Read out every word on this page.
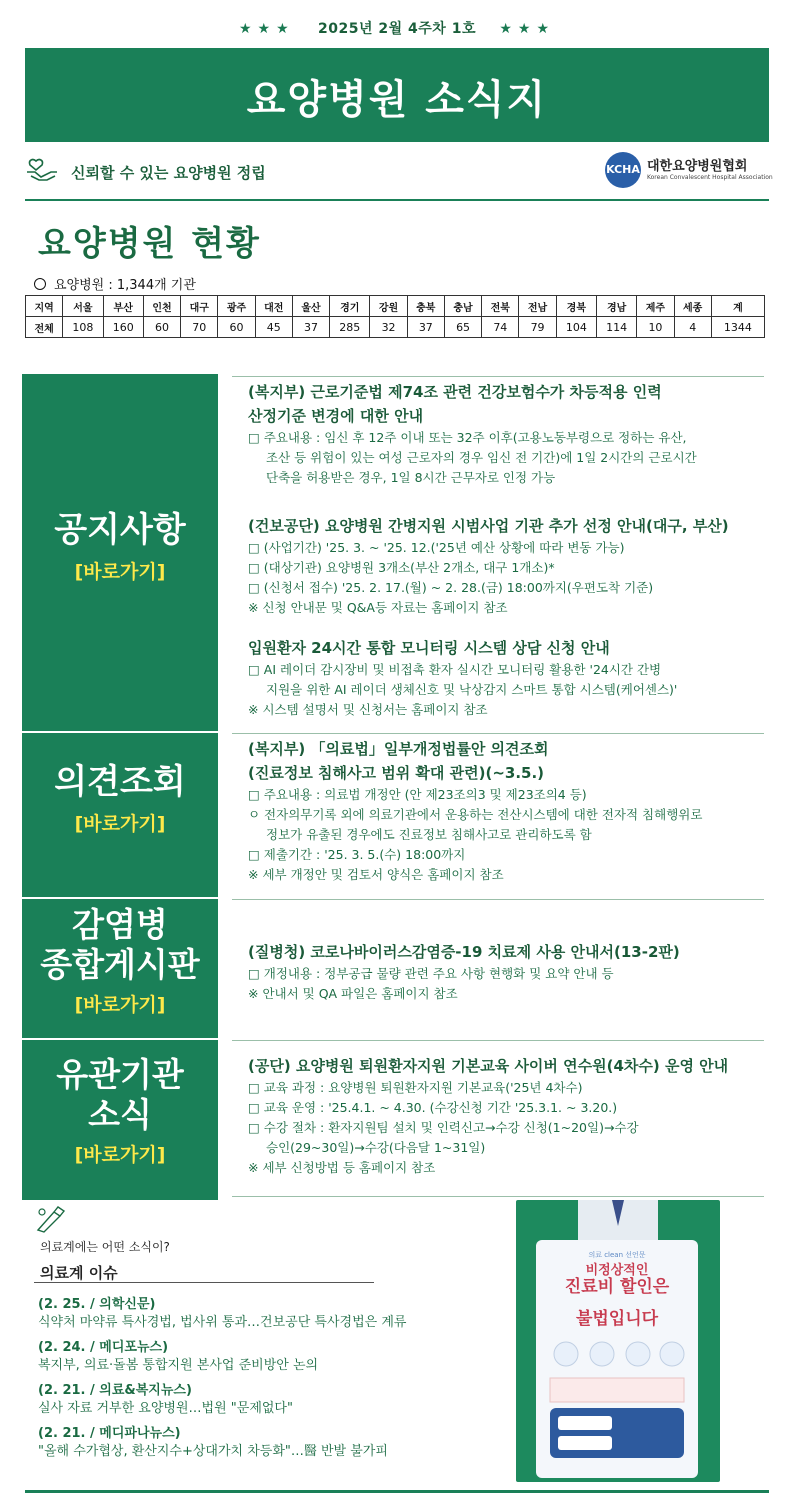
★★★ 2025년 2월 4주차 1호 ★★★
요양병원 소식지
신뢰할 수 있는 요양병원 정립	KCHA 대한요양병원협회
Korean Convalescent Hospital Association
요양병원 현황
요양병원 : 1,344개 기관
지역	서울	부산	인천	대구	광주	대전	울산	경기	강원	충북	충남	전북	전남	경북	경남	제주	세종	계
전체	108	160	60	70	60	45	37	285	32	37	65	74	79	104	114	10	4	1344
공지사항
[바로가기]
의견조회
[바로가기]
감염병
종합게시판
[바로가기]
유관기관
소식
[바로가기]
(복지부) 근로기준법 제74조 관련 건강보험수가 차등적용 인력
산정기준 변경에 대한 안내
□ 주요내용 : 임신 후 12주 이내 또는 32주 이후(고용노동부령으로 정하는 유산,
조산 등 위험이 있는 여성 근로자의 경우 임신 전 기간)에 1일 2시간의 근로시간
단축을 허용받은 경우, 1일 8시간 근무자로 인정 가능
(건보공단) 요양병원 간병지원 시범사업 기관 추가 선정 안내(대구, 부산)
□ (사업기간) '25. 3. ~ '25. 12.('25년 예산 상황에 따라 변동 가능)
□ (대상기관) 요양병원 3개소(부산 2개소, 대구 1개소)*
□ (신청서 접수) '25. 2. 17.(월) ~ 2. 28.(금) 18:00까지(우편도착 기준)
※ 신청 안내문 및 Q&A등 자료는 홈페이지 참조
입원환자 24시간 통합 모니터링 시스템 상담 신청 안내
□ AI 레이더 감시장비 및 비접촉 환자 실시간 모니터링 활용한 '24시간 간병
지원을 위한 AI 레이더 생체신호 및 낙상감지 스마트 통합 시스템(케어센스)'
※ 시스템 설명서 및 신청서는 홈페이지 참조
(복지부) 「의료법」일부개정법률안 의견조회
(진료정보 침해사고 범위 확대 관련)(~3.5.)
□ 주요내용 : 의료법 개정안 (안 제23조의3 및 제23조의4 등)
ㅇ 전자의무기록 외에 의료기관에서 운용하는 전산시스템에 대한 전자적 침해행위로
정보가 유출된 경우에도 진료정보 침해사고로 관리하도록 함
□ 제출기간 : '25. 3. 5.(수) 18:00까지
※ 세부 개정안 및 검토서 양식은 홈페이지 참조
(질병청) 코로나바이러스감염증-19 치료제 사용 안내서(13-2판)
□ 개정내용 : 정부공급 물량 관련 주요 사항 현행화 및 요약 안내 등
※ 안내서 및 QA 파일은 홈페이지 참조
(공단) 요양병원 퇴원환자지원 기본교육 사이버 연수원(4차수) 운영 안내
□ 교육 과정 : 요양병원 퇴원환자지원 기본교육('25년 4차수)
□ 교육 운영 : '25.4.1. ~ 4.30. (수강신청 기간 '25.3.1. ~ 3.20.)
□ 수강 절차 : 환자지원팀 설치 및 인력신고→수강 신청(1~20일)→수강
승인(29~30일)→수강(다음달 1~31일)
※ 세부 신청방법 등 홈페이지 참조
의료계에는 어떤 소식이?
의료계 이슈
(2. 25. / 의학신문)
식약처 마약류 특사경법, 법사위 통과…건보공단 특사경법은 계류
(2. 24. / 메디포뉴스)
복지부, 의료·돌봄 통합지원 본사업 준비방안 논의
(2. 21. / 의료&복지뉴스)
실사 자료 거부한 요양병원…법원 "문제없다"
(2. 21. / 메디파나뉴스)
"올해 수가협상, 환산지수+상대가치 차등화"…醫 반발 불가피
의료 clean 선언문
비정상적인
진료비 할인은
불법입니다
